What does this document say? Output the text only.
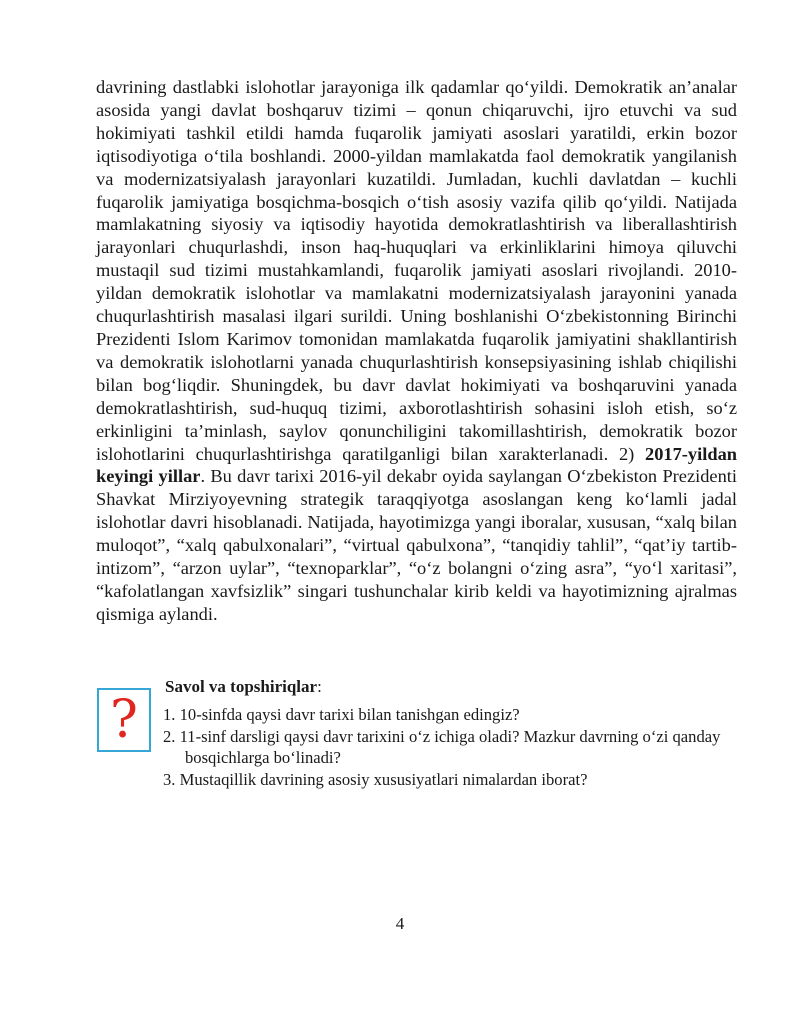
davrining dastlabki islohotlar jarayoniga ilk qadamlar qo‘yildi. Demokratik an’analar asosida yangi davlat boshqaruv tizimi – qonun chiqaruvchi, ijro etuvchi va sud hokimiyati tashkil etildi hamda fuqarolik jamiyati asoslari yaratildi, erkin bozor iqtisodiyotiga o‘tila boshlandi. 2000-yildan mamlakatda faol demokratik yangilanish va modernizatsiyalash jarayonlari kuzatildi. Jumladan, kuchli davlatdan – kuchli fuqarolik jamiyatiga bosqichma-bosqich o‘tish asosiy vazifa qilib qo‘yildi. Natijada mamlakatning siyosiy va iqtisodiy hayotida demokratlashtirish va liberallashtirish jarayonlari chuqurlashdi, inson haq-huquqlari va erkinliklarini himoya qiluvchi mustaqil sud tizimi mustahkamlandi, fuqarolik jamiyati asoslari rivojlandi. 2010-yildan demokratik islohotlar va mamlakatni modernizatsiyalash jarayonini yanada chuqurlashtirish masalasi ilgari surildi. Uning boshlanishi O‘zbekistonning Birinchi Prezidenti Islom Karimov tomonidan mamlakatda fuqarolik jamiyatini shakllantirish va demokratik islohotlarni yanada chuqurlashtirish konsepsiyasining ishlab chiqilishi bilan bog‘liqdir. Shuningdek, bu davr davlat hokimiyati va boshqaruvini yanada demokratlashtirish, sud-huquq tizimi, axborotlashtirish sohasini isloh etish, so‘z erkinligini ta’minlash, saylov qonunchiligini takomillashtirish, demokratik bozor islohotlarini chuqurlashtirishga qaratilganligi bilan xarakterlanadi. 2) 2017-yildan keyingi yillar. Bu davr tarixi 2016-yil dekabr oyida saylangan O‘zbekiston Prezidenti Shavkat Mirziyoyevning strategik taraqqiyotga asoslangan keng ko‘lamli jadal islohotlar davri hisoblanadi. Natijada, hayotimizga yangi iboralar, xususan, “xalq bilan muloqot”, “xalq qabulxonalari”, “virtual qabulxona”, “tanqidiy tahlil”, “qat’iy tartib-intizom”, “arzon uylar”, “texnoparklar”, “o‘z bolangni o‘zing asra”, “yo‘l xaritasi”, “kafolatlangan xavfsizlik” singari tushunchalar kirib keldi va hayotimizning ajralmas qismiga aylandi.

Savol va topshiriqlar:
?	1. 10-sinfda qaysi davr tarixi bilan tanishgan edingiz?
2. 11-sinf darsligi qaysi davr tarixini o‘z ichiga oladi? Mazkur davrning o‘zi qanday bosqichlarga bo‘linadi?
3. Mustaqillik davrining asosiy xususiyatlari nimalardan iborat?
4
